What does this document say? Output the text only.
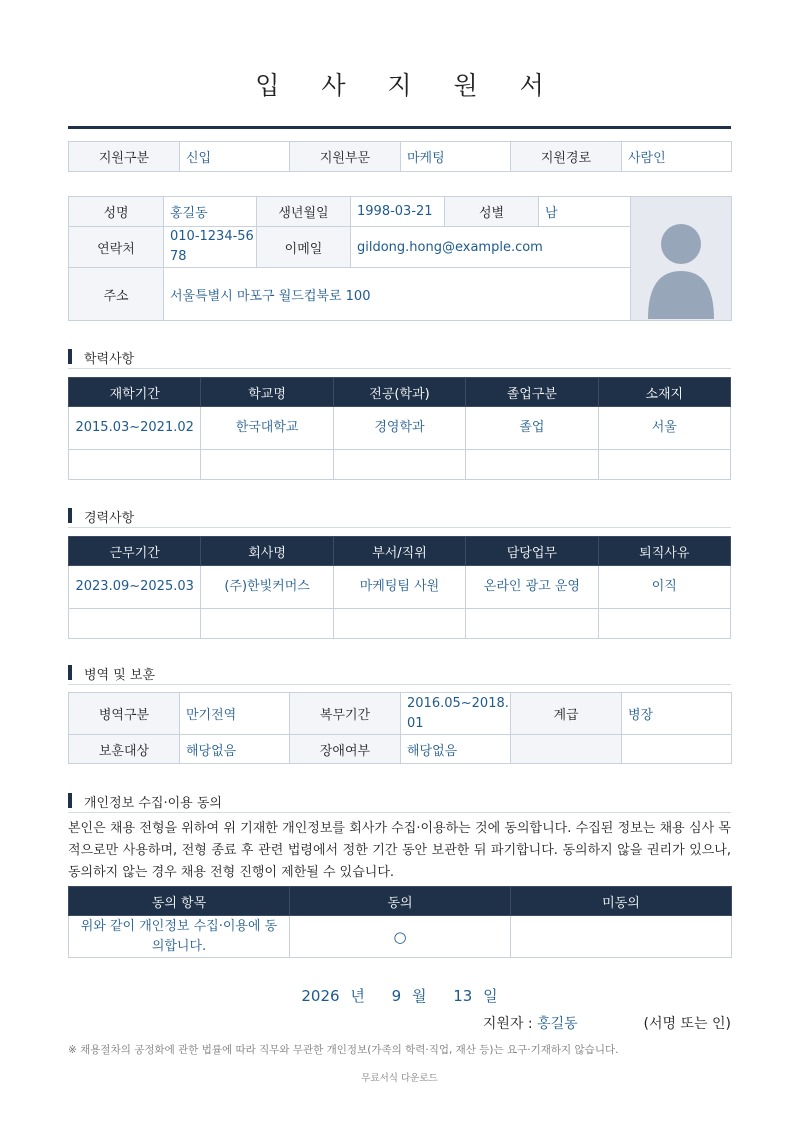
입 사 지 원 서
지원구분	신입	지원부문	마케팅	지원경로	사람인
성명	홍길동	생년월일	1998-03-21	성별	남	

연락처	010-1234-5678	이메일	gildong.hong@example.com			
주소	서울특별시 마포구 월드컵북로 100					
학력사항
재학기간	학교명	전공(학과)	졸업구분	소재지
2015.03~2021.02	한국대학교	경영학과	졸업	서울

경력사항
근무기간	회사명	부서/직위	담당업무	퇴직사유
2023.09~2025.03	(주)한빛커머스	마케팅팀 사원	온라인 광고 운영	이직

병역 및 보훈
병역구분	만기전역	복무기간	2016.05~2018.01	계급	병장
보훈대상	해당없음	장애여부	해당없음		
개인정보 수집·이용 동의
본인은 채용 전형을 위하여 위 기재한 개인정보를 회사가 수집·이용하는 것에 동의합니다. 수집된 정보는 채용 심사 목적으로만 사용하며, 전형 종료 후 관련 법령에서 정한 기간 동안 보관한 뒤 파기합니다. 동의하지 않을 권리가 있으나, 동의하지 않는 경우 채용 전형 진행이 제한될 수 있습니다.
동의 항목	동의	미동의
위와 같이 개인정보 수집·이용에 동의합니다.	○	
2026 년 9 월 13 일
지원자 : 홍길동	(서명 또는 인)
※ 채용절차의 공정화에 관한 법률에 따라 직무와 무관한 개인정보(가족의 학력·직업, 재산 등)는 요구·기재하지 않습니다.
무료서식 다운로드
